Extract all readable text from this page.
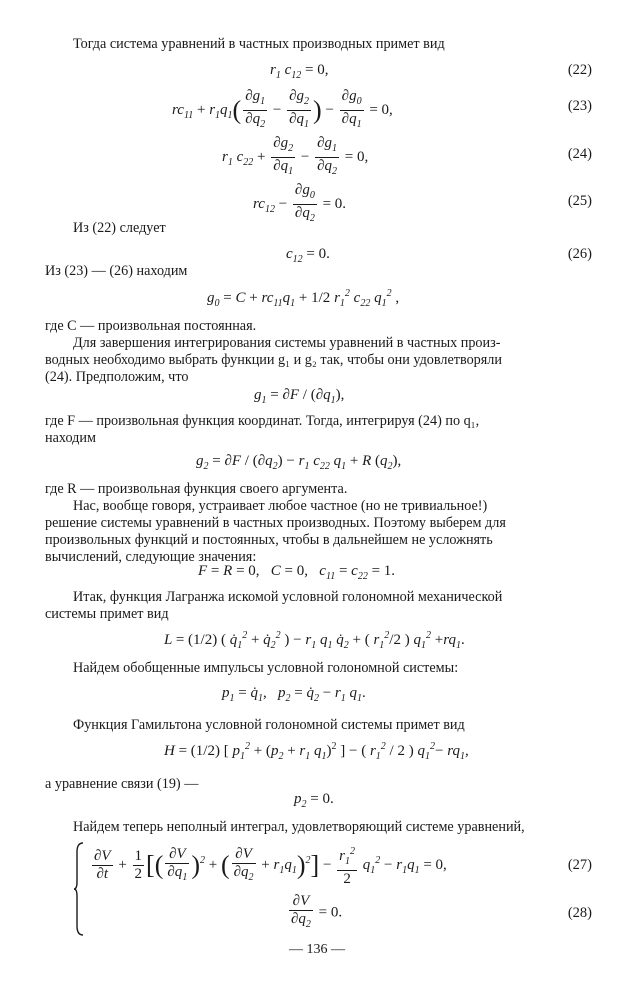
Тогда система уравнений в частных производных примет вид
$r_1$ $c_{12} = 0$,	(22)
$rc_{11} + r_1q_1( \frac{\partial g_1}{\partial q_2} - \frac{\partial g_2}{\partial q_1}$ ) − $\frac{\partial g_0}{\partial q_1} = 0$,	(23)
$r_1$ $c_{22} + \frac{\partial g_2}{\partial q_1} - \frac{\partial g_1}{\partial q_2} = 0$,	(24)
$rc_{12} - \frac{\partial g_0}{\partial q_2} = 0$.	(25)
Из (22) следует
$c_{12} = 0$.	(26)
Из (23) — (26) находим
$g_0 = C + rc_{11}q_1 + 1/2$ $r_1^2$ $c_{22}$ $q_1^2$ ,
где C — произвольная постоянная.
Для завершения интегрирования системы уравнений в частных произ-
водных необходимо выбрать функции g₁ и g₂ так, чтобы они удовлетворяли
(24). Предположим, что
$g_1 = \partial F / (\partial q_1)$,
где F — произвольная функция координат. Тогда, интегрируя (24) по q₁,
находим
$g_2 = \partial F / (\partial q_2) - r_1$ $c_{22}$ $q_1 + R$ $(q_2)$,
где R — произвольная функция своего аргумента.
Нас, вообще говоря, устраивает любое частное (но не тривиальное!)
решение системы уравнений в частных производных. Поэтому выберем для
произвольных функций и постоянных, чтобы в дальнейшем не усложнять
вычислений, следующие значения:
F = R = 0,   C = 0,   $c_{11} = c_{22} = 1$.
Итак, функция Лагранжа искомой условной голономной механической
системы примет вид
L = (1/2) ( $q̇_1^2$ + $q̇_2^2$ ) − $r_1$ $q_1$ $q̇_2$ + ( $r_1^2/2$ ) $q_1^2 +rq_1$.
Найдем обобщенные импульсы условной голономной системы:
$p_1$ = $q̇_1$,   $p_2$ = $q̇_2 - r_1$ $q_1$.
Функция Гамильтона условной голономной системы примет вид
H = (1/2) [ $p_1^2 + (p_2 + r_1$ $q_1)^2$ ] − ( $r_1^2 / 2$ ) $q_1^2- rq_1$,
а уравнение связи (19) —
$p_2 = 0$.
Найдем теперь неполный интеграл, удовлетворяющий системе уравнений,
$\frac{\partial V}{\partial t} + \frac{1}{2}$ [( $\frac{\partial V}{\partial q_1} )^2$ + ( $\frac{\partial V}{\partial q_2} + r_1q_1)^2] - \frac{r_1^2}{2} q_1^2 - r_1q_1 = 0$,	(27)
$\frac{\partial V}{\partial q_2} = 0$.	(28)
— 136 —
